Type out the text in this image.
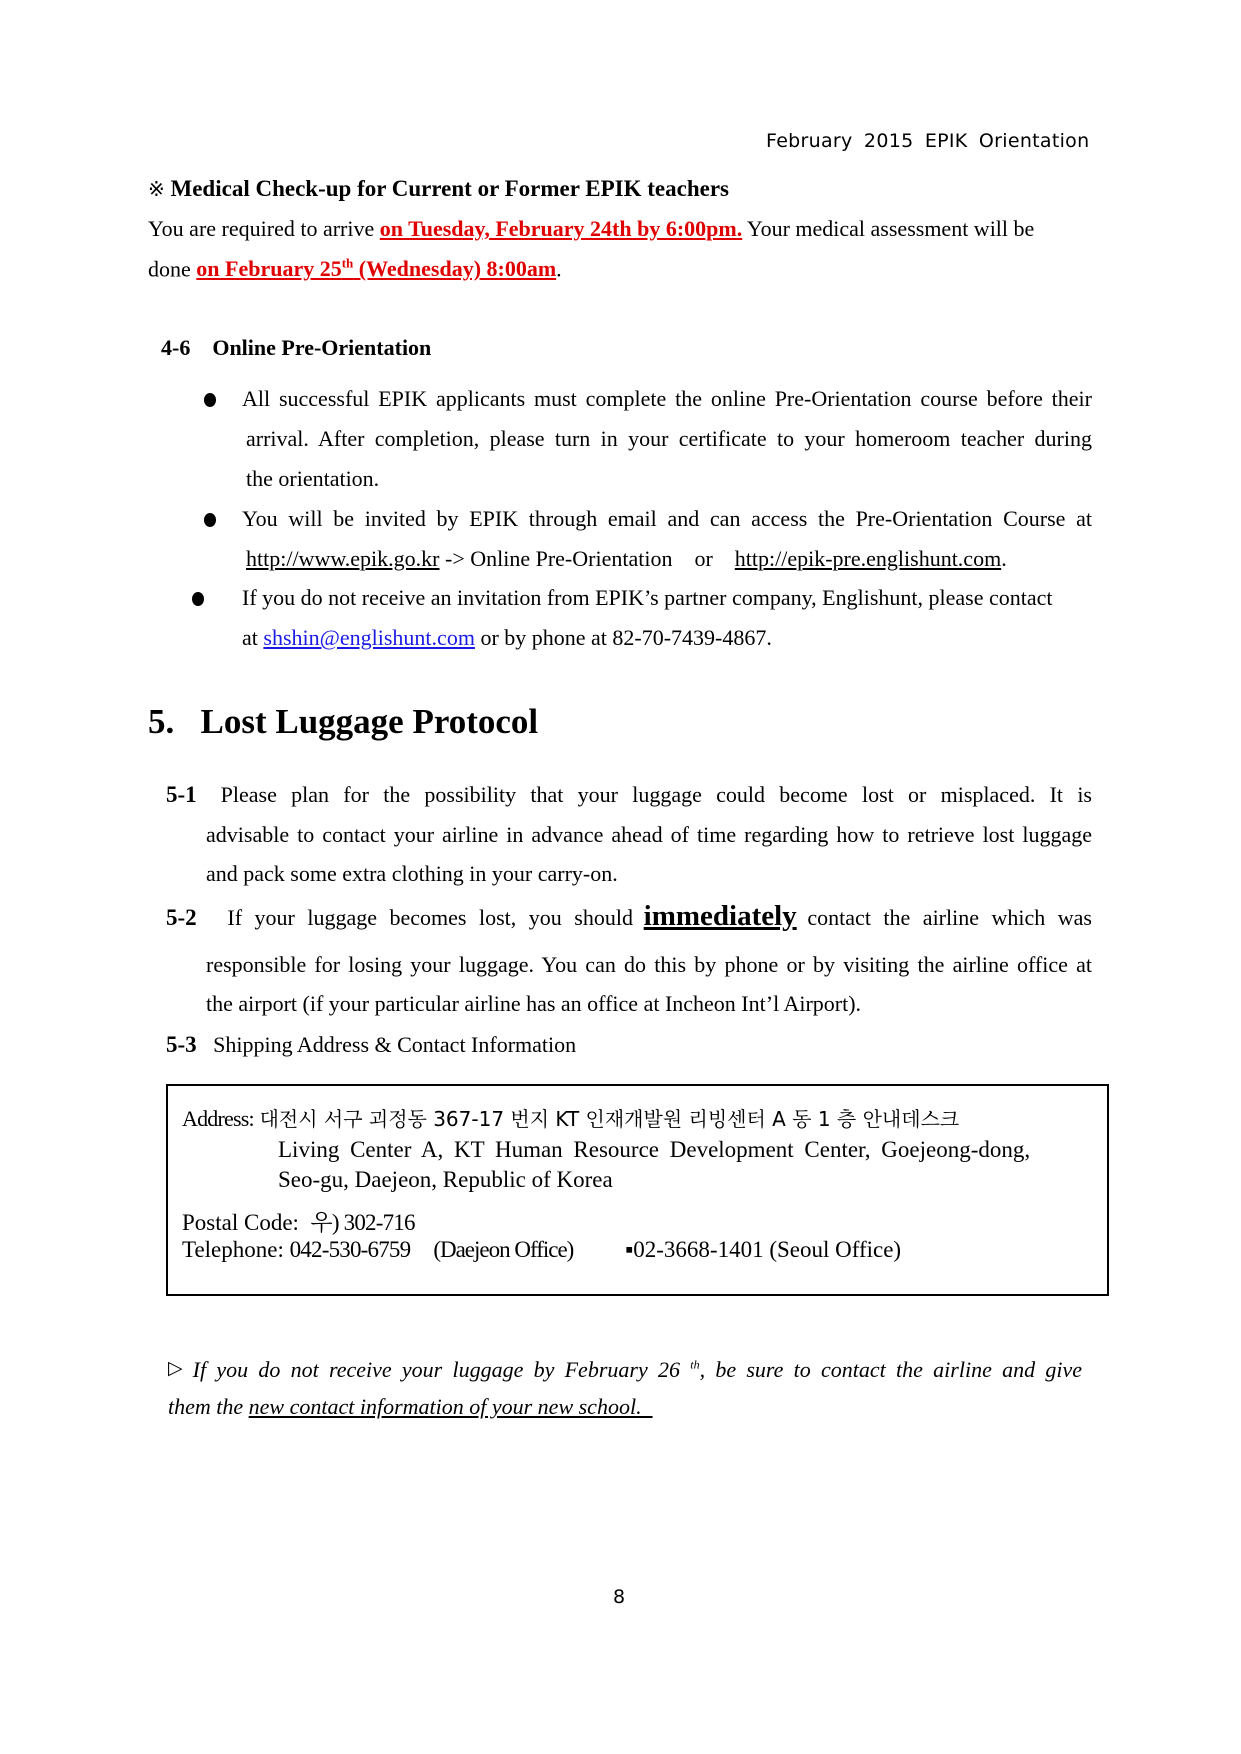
February 2015 EPIK Orientation
※ Medical Check-up for Current or Former EPIK teachers
You are required to arrive on Tuesday, February 24th by 6:00pm. Your medical assessment will be
done on February 25th (Wednesday) 8:00am.
4-6 Online Pre-Orientation
All successful EPIK applicants must complete the online Pre-Orientation course before their
arrival. After completion, please turn in your certificate to your homeroom teacher during
the orientation.
You will be invited by EPIK through email and can access the Pre-Orientation Course at
http://www.epik.go.kr -> Online Pre-Orientation    or    http://epik-pre.englishunt.com.
If you do not receive an invitation from EPIK’s partner company, Englishunt, please contact
at shshin@englishunt.com or by phone at 82-70-7439-4867.
5. Lost Luggage Protocol
5-1 Please plan for the possibility that your luggage could become lost or misplaced. It is
advisable to contact your airline in advance ahead of time regarding how to retrieve lost luggage
and pack some extra clothing in your carry-on.
5-2 If your luggage becomes lost, you should immediately contact the airline which was
responsible for losing your luggage. You can do this by phone or by visiting the airline office at
the airport (if your particular airline has an office at Incheon Int’l Airport).
5-3 Shipping Address & Contact Information
Address: 대전시 서구 괴정동 367-17 번지 KT 인재개발원 리빙센터 A 동 1 층 안내데스크
Living Center A, KT Human Resource Development Center, Goejeong-dong,
Seo-gu, Daejeon, Republic of Korea
Postal Code: 우) 302-716
Telephone: 042-530-6759 (Daejeon Office) ▪02-3668-1401 (Seoul Office)
▷ If you do not receive your luggage by February 26 $^{th}$, be sure to contact the airline and give
them the new contact information of your new school.
8
